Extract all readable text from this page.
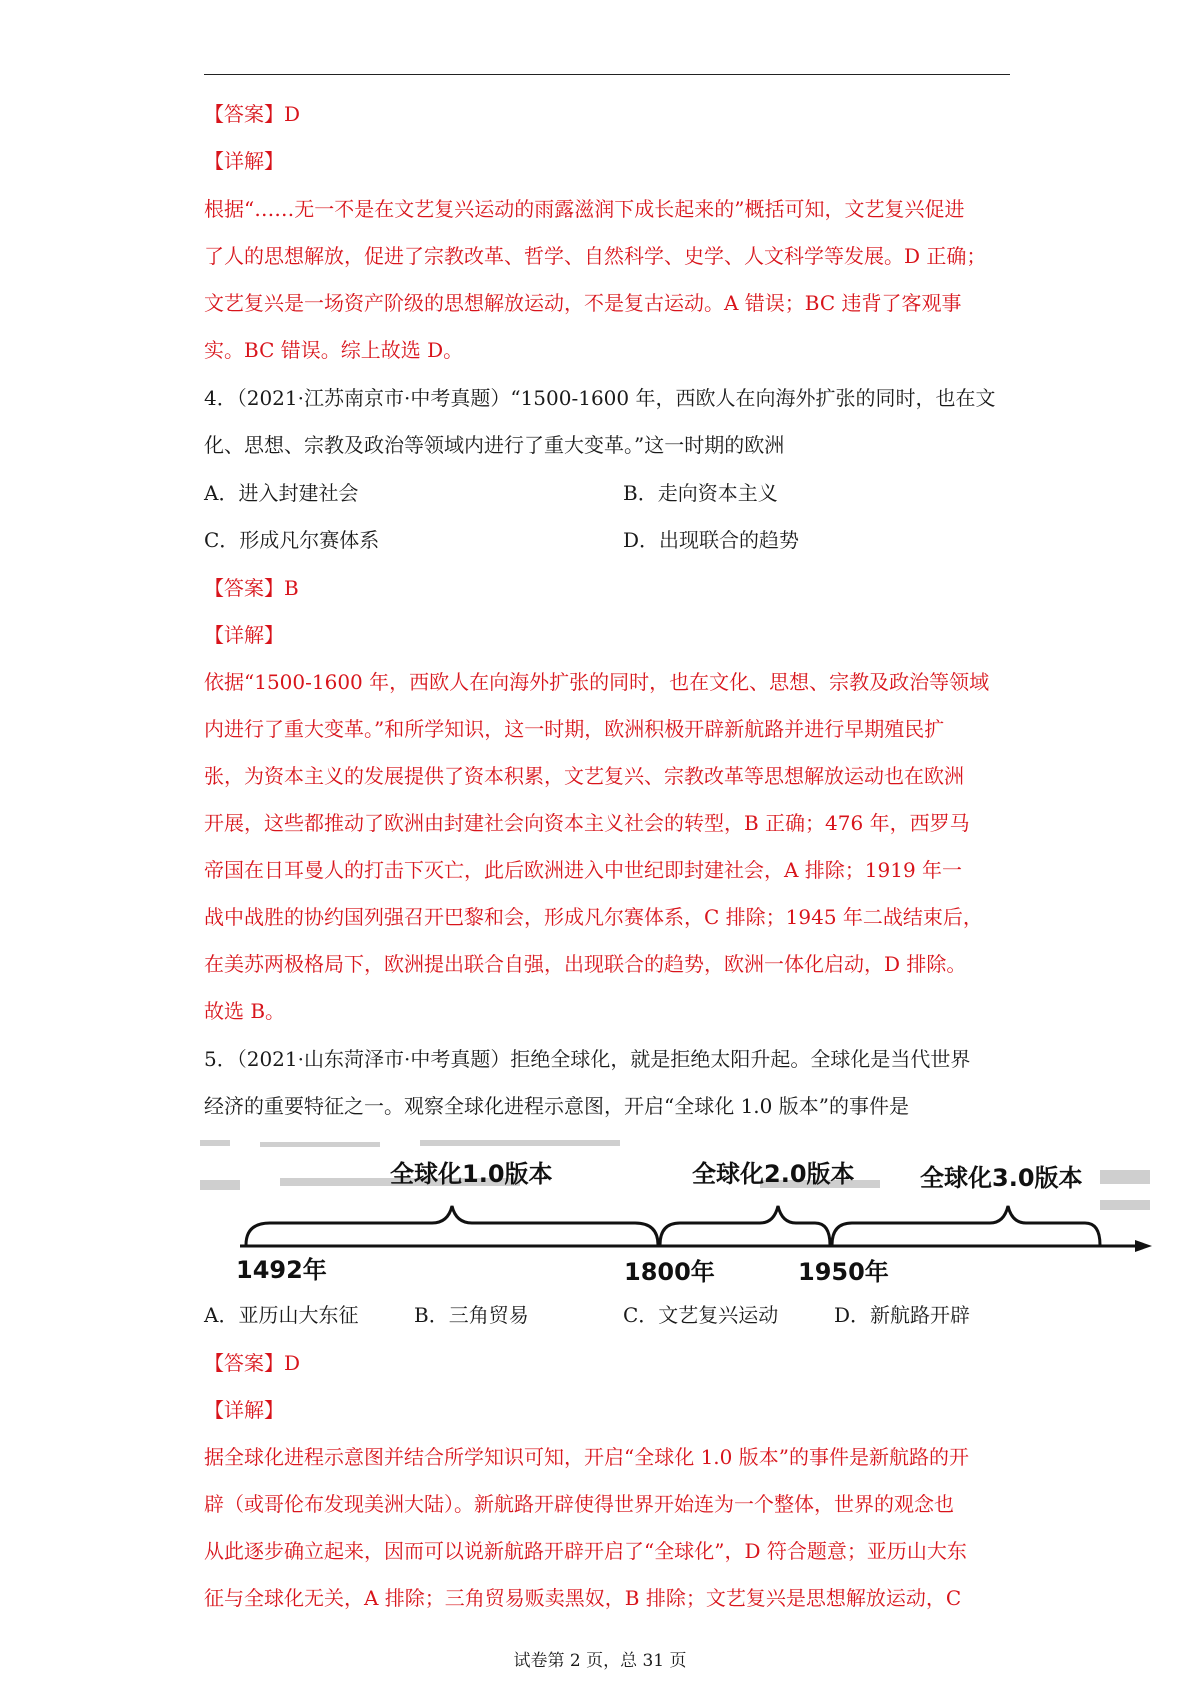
【答案】D
【详解】
根据“……无一不是在文艺复兴运动的雨露滋润下成长起来的”概括可知，文艺复兴促进
了人的思想解放，促进了宗教改革、哲学、自然科学、史学、人文科学等发展。D 正确；
文艺复兴是一场资产阶级的思想解放运动，不是复古运动。A 错误；BC 违背了客观事
实。BC 错误。综上故选 D。
4．（2021·江苏南京市·中考真题）“1500-1600 年，西欧人在向海外扩张的同时，也在文
化、思想、宗教及政治等领域内进行了重大变革。”这一时期的欧洲
A．进入封建社会	B．走向资本主义
C．形成凡尔赛体系	D．出现联合的趋势
【答案】B
【详解】
依据“1500-1600 年，西欧人在向海外扩张的同时，也在文化、思想、宗教及政治等领域
内进行了重大变革。”和所学知识，这一时期，欧洲积极开辟新航路并进行早期殖民扩
张，为资本主义的发展提供了资本积累，文艺复兴、宗教改革等思想解放运动也在欧洲
开展，这些都推动了欧洲由封建社会向资本主义社会的转型，B 正确；476 年，西罗马
帝国在日耳曼人的打击下灭亡，此后欧洲进入中世纪即封建社会，A 排除；1919 年一
战中战胜的协约国列强召开巴黎和会，形成凡尔赛体系，C 排除；1945 年二战结束后，
在美苏两极格局下，欧洲提出联合自强，出现联合的趋势，欧洲一体化启动，D 排除。
故选 B。
5．（2021·山东菏泽市·中考真题）拒绝全球化，就是拒绝太阳升起。全球化是当代世界
经济的重要特征之一。观察全球化进程示意图，开启“全球化 1.0 版本”的事件是
全球化1.0版本	全球化2.0版本	全球化3.0版本
1492年	1800年	1950年
A．亚历山大东征	B．三角贸易	C．文艺复兴运动	D．新航路开辟
【答案】D
【详解】
据全球化进程示意图并结合所学知识可知，开启“全球化 1.0 版本”的事件是新航路的开
辟（或哥伦布发现美洲大陆）。新航路开辟使得世界开始连为一个整体，世界的观念也
从此逐步确立起来，因而可以说新航路开辟开启了“全球化”，D 符合题意；亚历山大东
征与全球化无关，A 排除；三角贸易贩卖黑奴，B 排除；文艺复兴是思想解放运动，C
试卷第 2 页，总 31 页
